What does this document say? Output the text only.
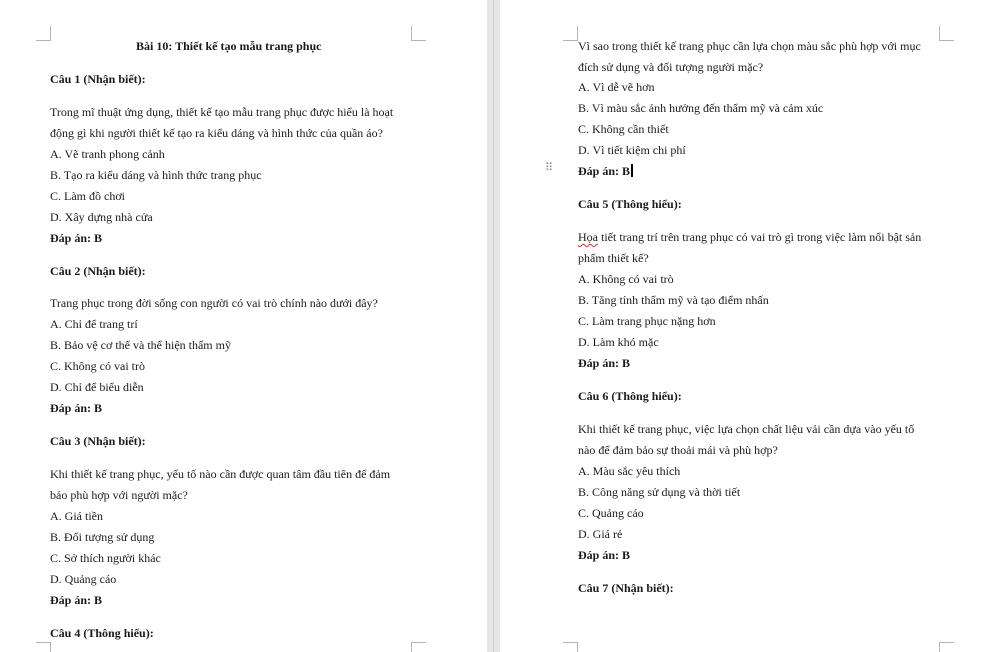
Bài 10: Thiết kế tạo mẫu trang phục
Câu 1 (Nhận biết):
Trong mĩ thuật ứng dụng, thiết kế tạo mẫu trang phục được hiểu là hoạt
động gì khi người thiết kế tạo ra kiểu dáng và hình thức của quần áo?
A. Vẽ tranh phong cảnh
B. Tạo ra kiểu dáng và hình thức trang phục
C. Làm đồ chơi
D. Xây dựng nhà cửa
Đáp án: B
Câu 2 (Nhận biết):
Trang phục trong đời sống con người có vai trò chính nào dưới đây?
A. Chỉ để trang trí
B. Bảo vệ cơ thể và thể hiện thẩm mỹ
C. Không có vai trò
D. Chỉ để biểu diễn
Đáp án: B
Câu 3 (Nhận biết):
Khi thiết kế trang phục, yếu tố nào cần được quan tâm đầu tiên để đảm
bảo phù hợp với người mặc?
A. Giá tiền
B. Đối tượng sử dụng
C. Sở thích người khác
D. Quảng cáo
Đáp án: B
Câu 4 (Thông hiểu):
Vì sao trong thiết kế trang phục cần lựa chọn màu sắc phù hợp với mục
đích sử dụng và đối tượng người mặc?
A. Vì dễ vẽ hơn
B. Vì màu sắc ảnh hưởng đến thẩm mỹ và cảm xúc
C. Không cần thiết
D. Vì tiết kiệm chi phí
Đáp án: B
Câu 5 (Thông hiểu):
Họa tiết trang trí trên trang phục có vai trò gì trong việc làm nổi bật sản
phẩm thiết kế?
A. Không có vai trò
B. Tăng tính thẩm mỹ và tạo điểm nhấn
C. Làm trang phục nặng hơn
D. Làm khó mặc
Đáp án: B
Câu 6 (Thông hiểu):
Khi thiết kế trang phục, việc lựa chọn chất liệu vải cần dựa vào yếu tố
nào để đảm bảo sự thoải mái và phù hợp?
A. Màu sắc yêu thích
B. Công năng sử dụng và thời tiết
C. Quảng cáo
D. Giá rẻ
Đáp án: B
Câu 7 (Nhận biết):
⠿
